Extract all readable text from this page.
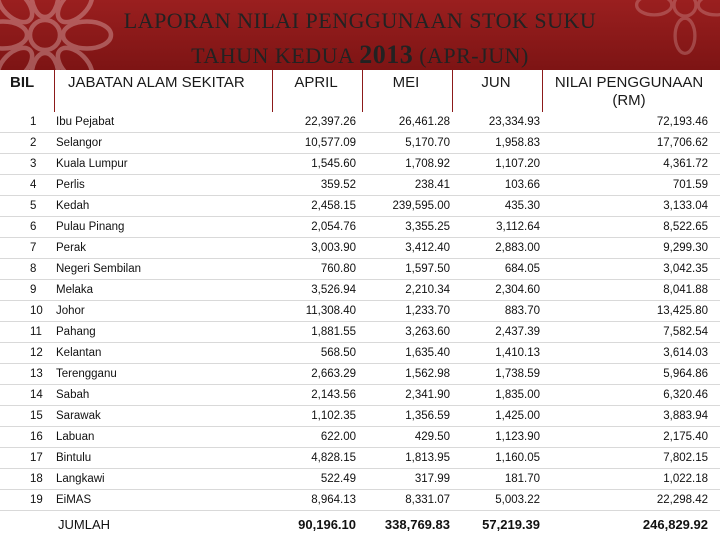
LAPORAN NILAI PENGGUNAAN STOK SUKU
TAHUN KEDUA 2013 (APR-JUN)
BIL JABATAN ALAM SEKITAR	APRIL	MEI	JUN	NILAI PENGGUNAAN (RM)
1	Ibu Pejabat	22,397.26	26,461.28	23,334.93	72,193.46
2	Selangor	10,577.09	5,170.70	1,958.83	17,706.62
3	Kuala Lumpur	1,545.60	1,708.92	1,107.20	4,361.72
4	Perlis	359.52	238.41	103.66	701.59
5	Kedah	2,458.15	239,595.00	435.30	3,133.04
6	Pulau Pinang	2,054.76	3,355.25	3,112.64	8,522.65
7	Perak	3,003.90	3,412.40	2,883.00	9,299.30
8	Negeri Sembilan	760.80	1,597.50	684.05	3,042.35
9	Melaka	3,526.94	2,210.34	2,304.60	8,041.88
10	Johor	11,308.40	1,233.70	883.70	13,425.80
11	Pahang	1,881.55	3,263.60	2,437.39	7,582.54
12	Kelantan	568.50	1,635.40	1,410.13	3,614.03
13	Terengganu	2,663.29	1,562.98	1,738.59	5,964.86
14	Sabah	2,143.56	2,341.90	1,835.00	6,320.46
15	Sarawak	1,102.35	1,356.59	1,425.00	3,883.94
16	Labuan	622.00	429.50	1,123.90	2,175.40
17	Bintulu	4,828.15	1,813.95	1,160.05	7,802.15
18	Langkawi	522.49	317.99	181.70	1,022.18
19	EiMAS	8,964.13	8,331.07	5,003.22	22,298.42
	JUMLAH	90,196.10	338,769.83	57,219.39	246,829.92
